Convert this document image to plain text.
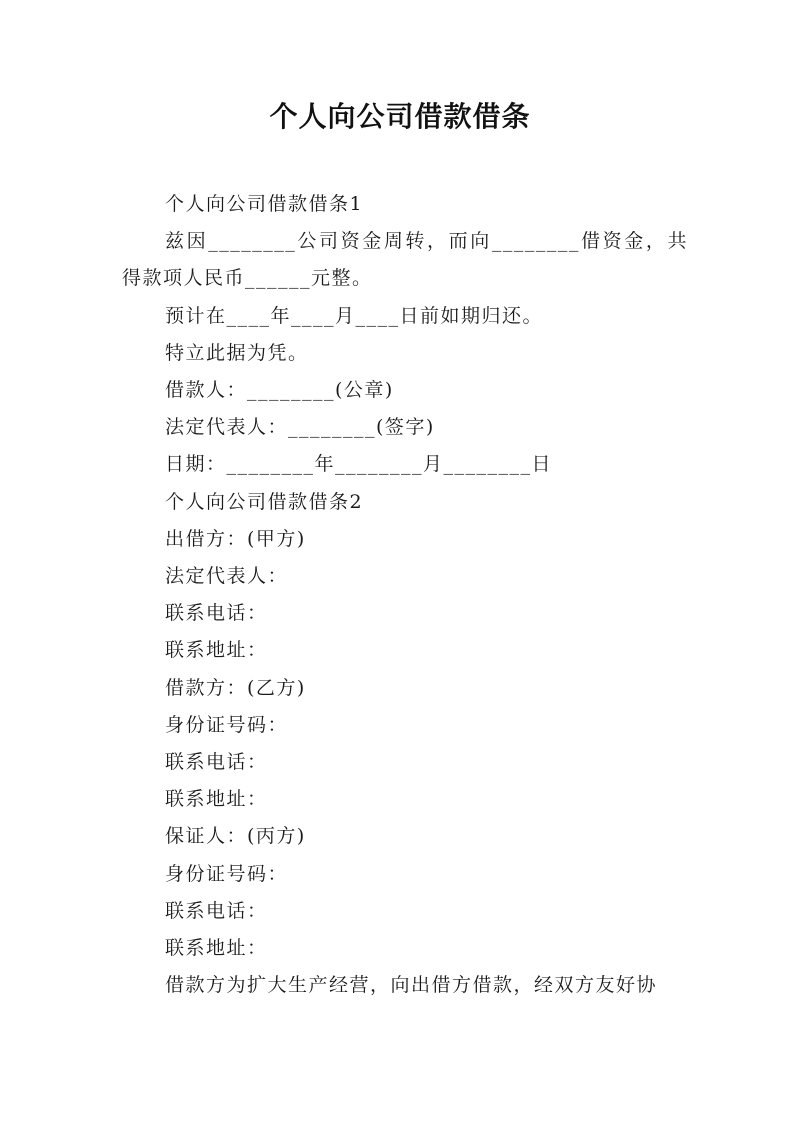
个人向公司借款借条

个人向公司借款借条1

兹因________公司资金周转，而向________借资金，共得款项人民币______元整。

预计在____年____月____日前如期归还。

特立此据为凭。

借款人：________(公章)

法定代表人：________(签字)

日期：________年________月________日

个人向公司借款借条2

出借方：(甲方)

法定代表人：

联系电话：

联系地址：

借款方：(乙方)

身份证号码：

联系电话：

联系地址：

保证人：(丙方)

身份证号码：

联系电话：

联系地址：

借款方为扩大生产经营，向出借方借款，经双方友好协
